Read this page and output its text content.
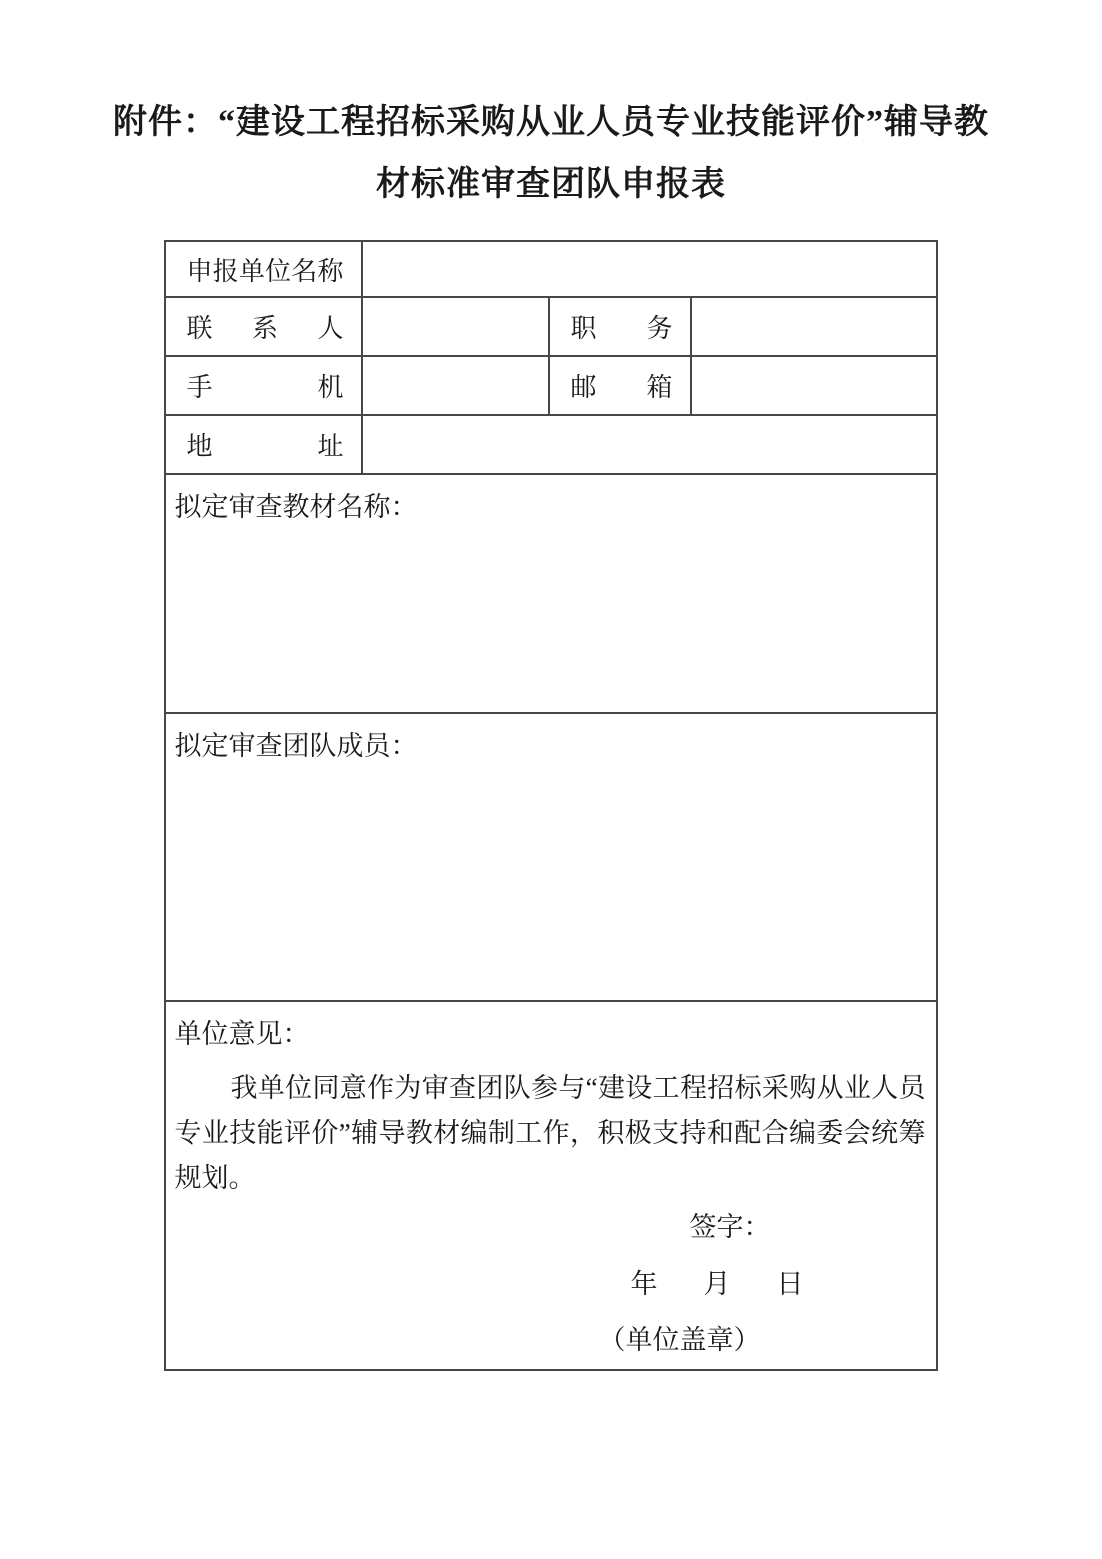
附件：“建设工程招标采购从业人员专业技能评价”辅导教
材标准审查团队申报表
申 报 单 位 名 称

联 系 人		职 务	

手 机		邮 箱	

地 址			

拟定审查教材名称：			

拟定审查团队成员：			

单位意见：

我单位同意作为审查团队参与“建设工程招标采购从业人员专业技能评价”辅导教材编制工作，积极支持和配合编委会统筹规划。

签字：
年 月 日
（单位盖章）
